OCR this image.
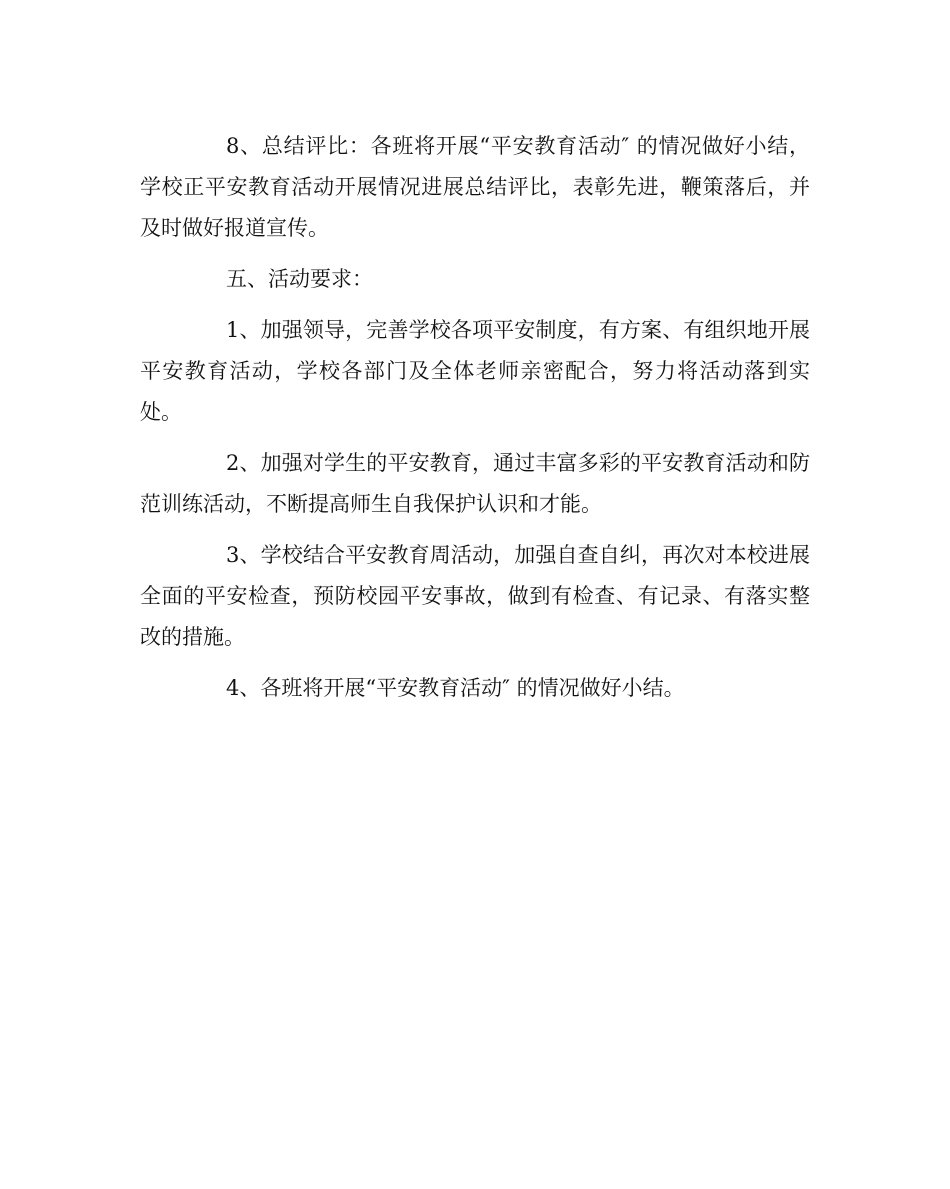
8、总结评比：各班将开展“平安教育活动″ 的情况做好小结，学校正平安教育活动开展情况进展总结评比，表彰先进，鞭策落后，并及时做好报道宣传。

五、活动要求：

1、加强领导，完善学校各项平安制度，有方案、有组织地开展平安教育活动，学校各部门及全体老师亲密配合，努力将活动落到实处。

2、加强对学生的平安教育，通过丰富多彩的平安教育活动和防范训练活动，不断提高师生自我保护认识和才能。

3、学校结合平安教育周活动，加强自查自纠，再次对本校进展全面的平安检查，预防校园平安事故，做到有检查、有记录、有落实整改的措施。

4、各班将开展“平安教育活动″ 的情况做好小结。
